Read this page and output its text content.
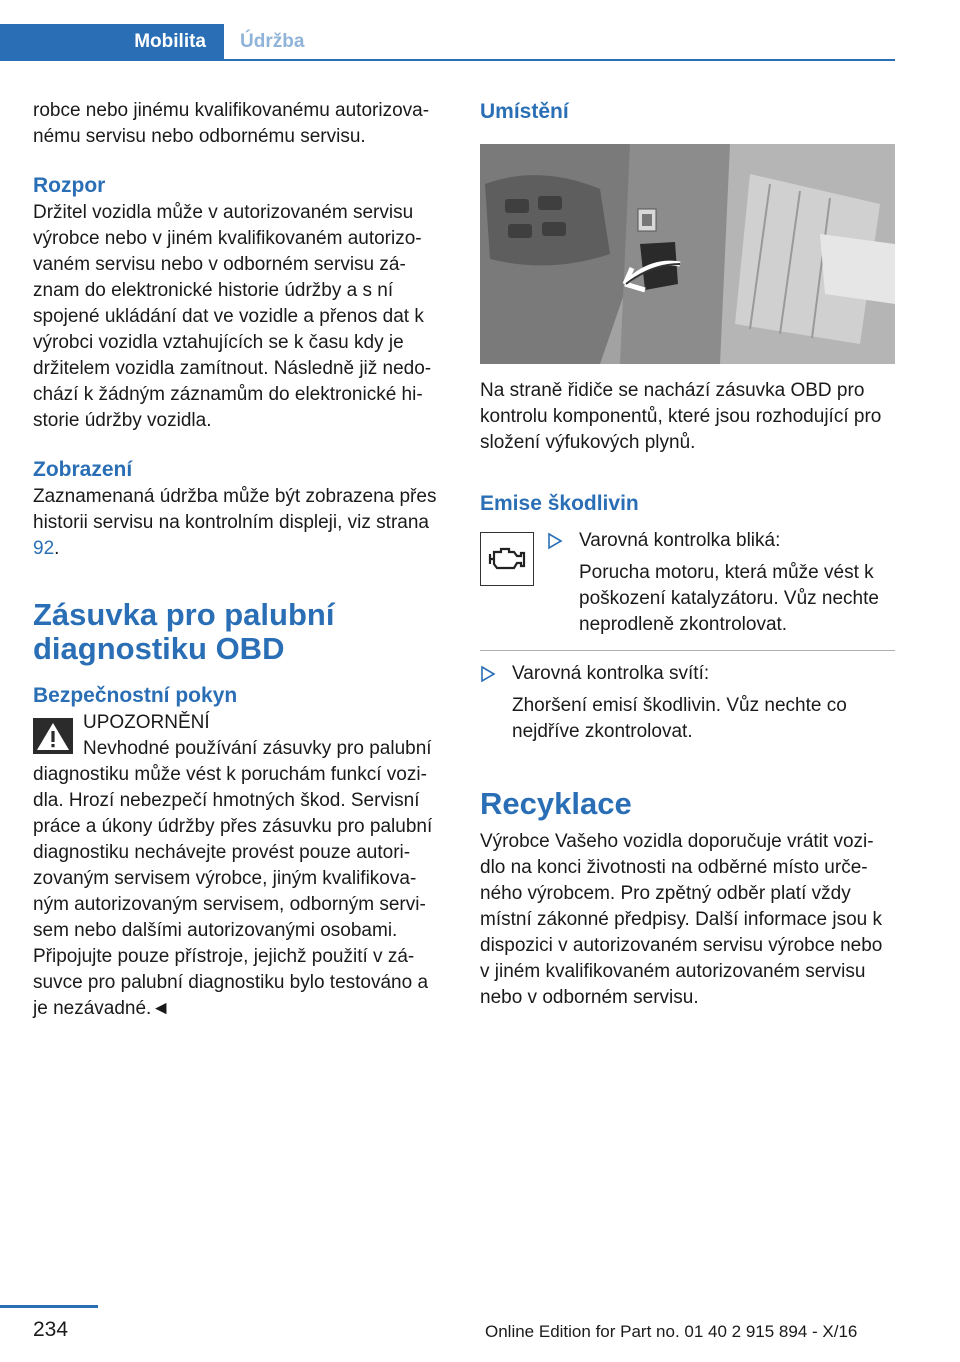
Mobilita	Údržba

robce nebo jinému kvalifikovanému autorizova-nému servisu nebo odbornému servisu.

Rozpor

Držitel vozidla může v autorizovaném servisu výrobce nebo v jiném kvalifikovaném autorizo-vaném servisu nebo v odborném servisu zá-znam do elektronické historie údržby a s ní spojené ukládání dat ve vozidle a přenos dat k výrobci vozidla vztahujících se k času kdy je držitelem vozidla zamítnout. Následně již nedo-chází k žádným záznamům do elektronické hi-storie údržby vozidla.

Zobrazení

Zaznamenaná údržba může být zobrazena přes historii servisu na kontrolním displeji, viz strana 92.

Zásuvka pro palubní diagnostiku OBD

Bezpečnostní pokyn

UPOZORNĚNÍ

Nevhodné používání zásuvky pro palubní

diagnostiku může vést k poruchám funkcí vozi-dla. Hrozí nebezpečí hmotných škod. Servisní práce a úkony údržby přes zásuvku pro palubní diagnostiku nechávejte provést pouze autori-zovaným servisem výrobce, jiným kvalifikova-ným autorizovaným servisem, odborným servi-sem nebo dalšími autorizovanými osobami. Připojujte pouze přístroje, jejichž použití v zá-suvce pro palubní diagnostiku bylo testováno a je nezávadné.◄

Umístění

Na straně řidiče se nachází zásuvka OBD pro kontrolu komponentů, které jsou rozhodující pro složení výfukových plynů.

Emise škodlivin

Varovná kontrolka bliká:

Porucha motoru, která může vést k poškození katalyzátoru. Vůz nechte neprodleně zkontrolovat.

Varovná kontrolka svítí:

Zhoršení emisí škodlivin. Vůz nechte co nejdříve zkontrolovat.

Recyklace

Výrobce Vašeho vozidla doporučuje vrátit vozi-dlo na konci životnosti na odběrné místo urče-ného výrobcem. Pro zpětný odběr platí vždy místní zákonné předpisy. Další informace jsou k dispozici v autorizovaném servisu výrobce nebo v jiném kvalifikovaném autorizovaném servisu nebo v odborném servisu.

234	Online Edition for Part no. 01 40 2 915 894 - X/16
